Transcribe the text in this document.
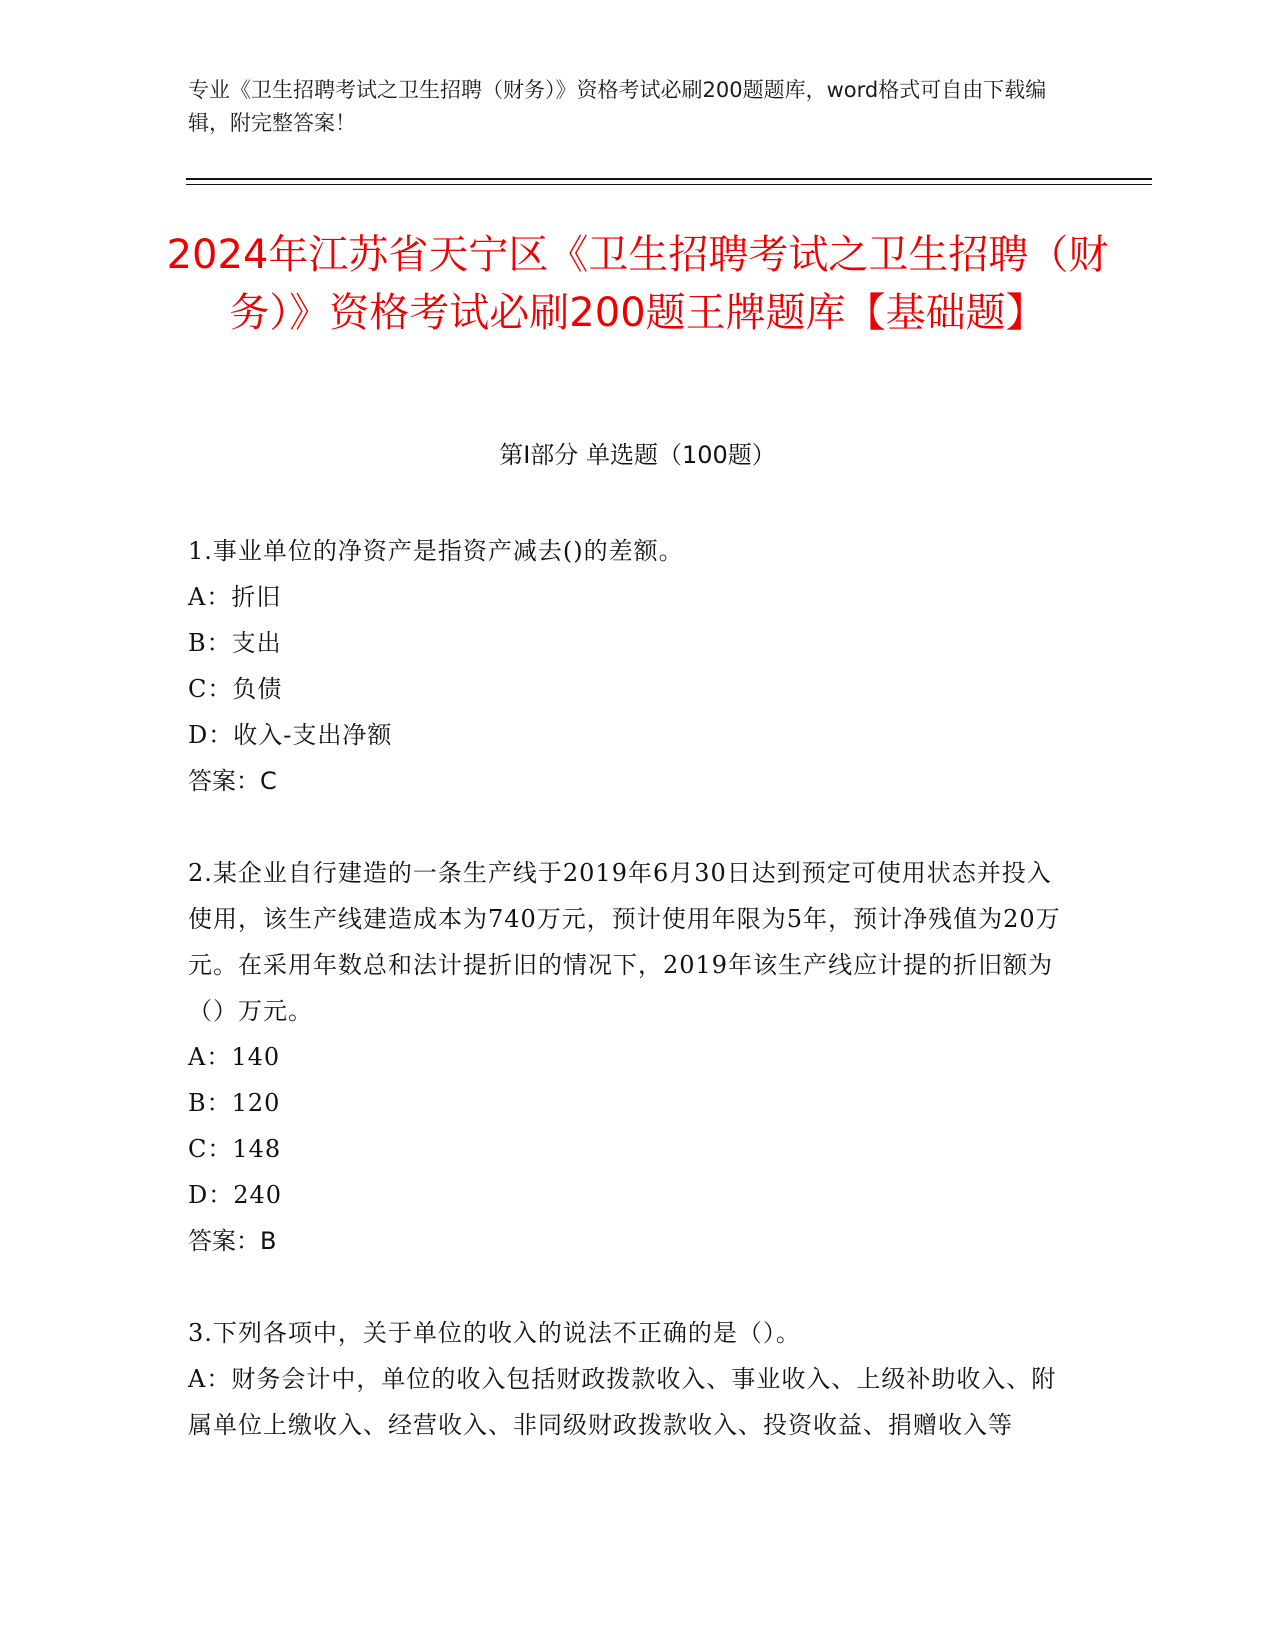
专业《卫生招聘考试之卫生招聘（财务）》资格考试必刷200题题库，word格式可自由下载编辑，附完整答案！
2024年江苏省天宁区《卫生招聘考试之卫生招聘（财务）》资格考试必刷200题王牌题库【基础题】
第Ⅰ部分 单选题（100题）
1.事业单位的净资产是指资产减去()的差额。
A：折旧
B：支出
C：负债
D：收入-支出净额
答案：C
2.某企业自行建造的一条生产线于2019年6月30日达到预定可使用状态并投入使用，该生产线建造成本为740万元，预计使用年限为5年，预计净残值为20万元。在采用年数总和法计提折旧的情况下，2019年该生产线应计提的折旧额为（）万元。
A：140
B：120
C：148
D：240
答案：B
3.下列各项中，关于单位的收入的说法不正确的是（）。
A：财务会计中，单位的收入包括财政拨款收入、事业收入、上级补助收入、附属单位上缴收入、经营收入、非同级财政拨款收入、投资收益、捐赠收入等
